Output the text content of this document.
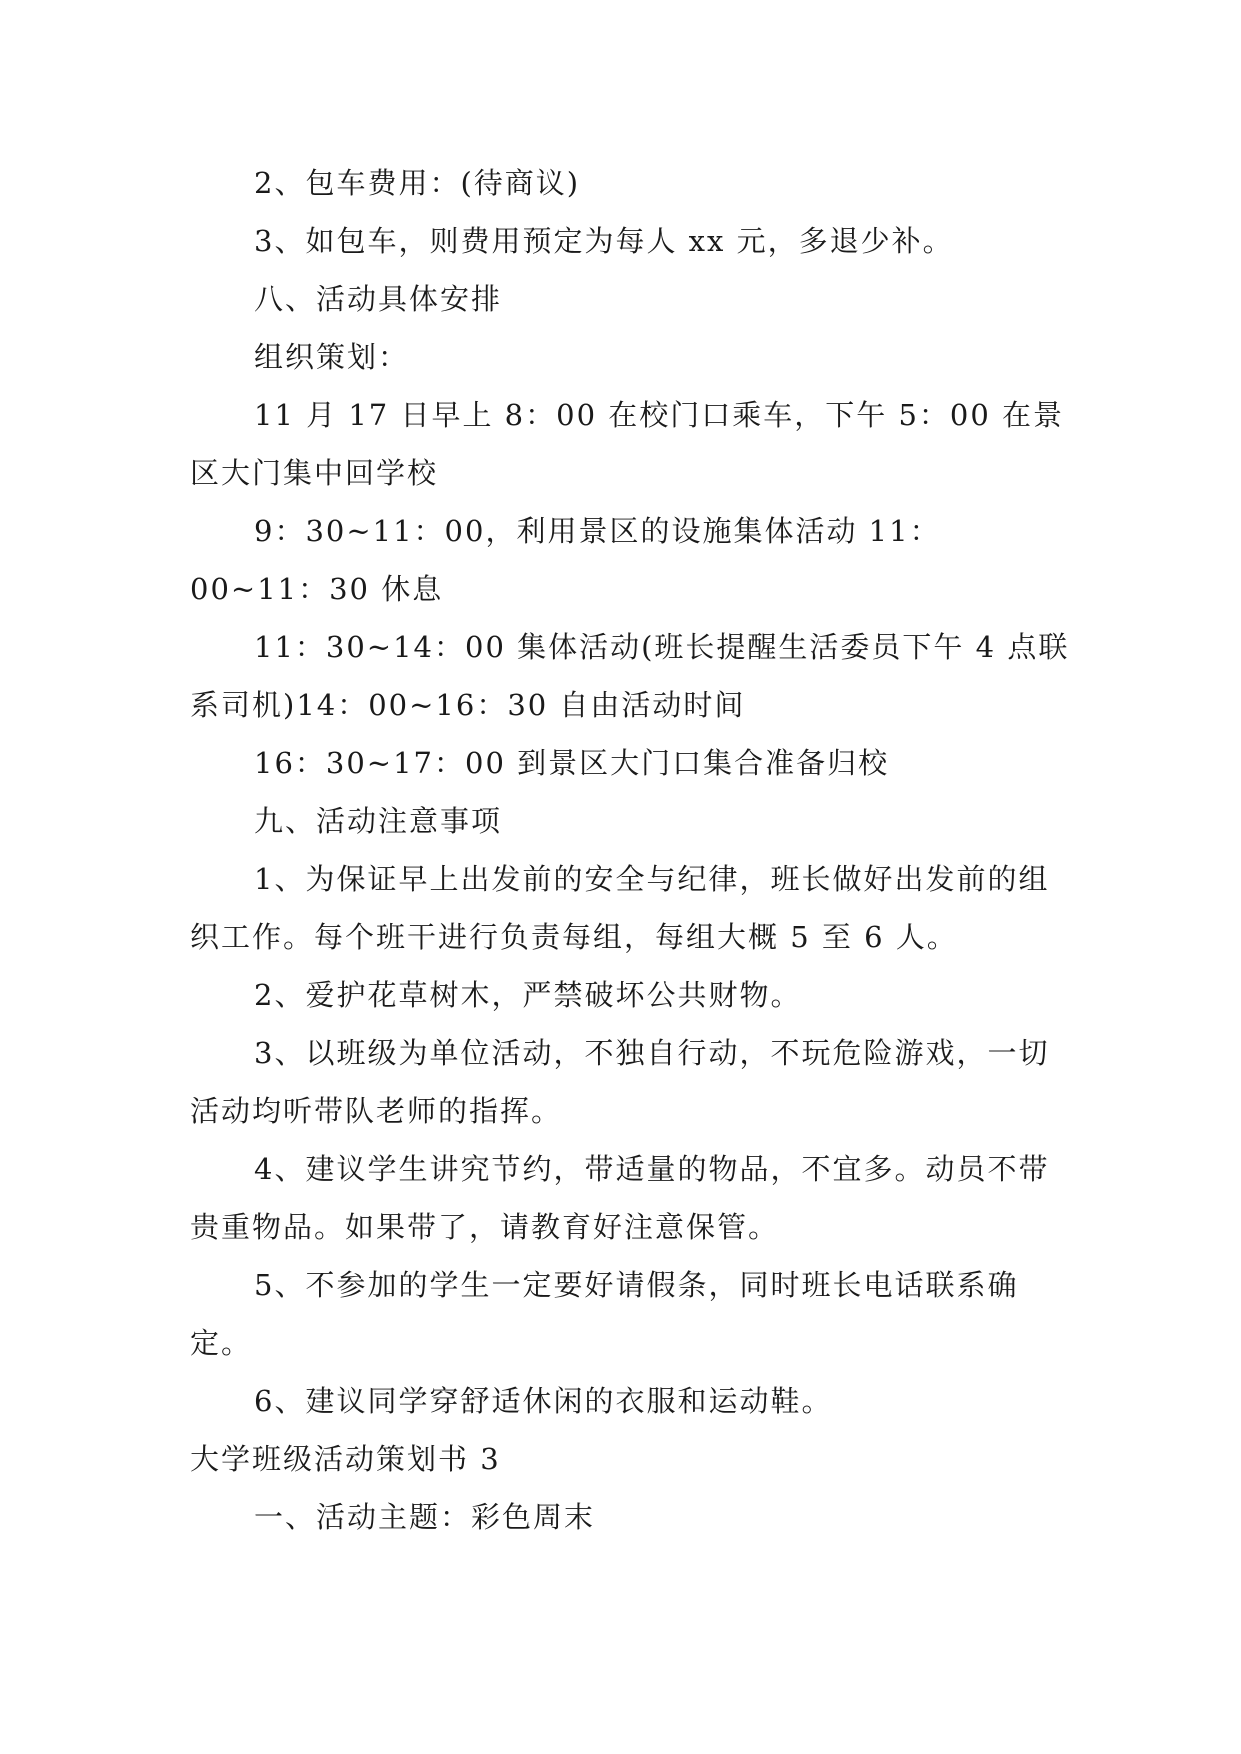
2、包车费用：(待商议)

3、如包车，则费用预定为每人 xx 元，多退少补。

八、活动具体安排

组织策划：

11 月 17 日早上 8：00 在校门口乘车，下午 5：00 在景区大门集中回学校

9：30~11：00，利用景区的设施集体活动 11：00~11：30 休息

11：30~14：00 集体活动(班长提醒生活委员下午 4 点联系司机)14：00~16：30 自由活动时间

16：30~17：00 到景区大门口集合准备归校

九、活动注意事项

1、为保证早上出发前的安全与纪律，班长做好出发前的组织工作。每个班干进行负责每组，每组大概 5 至 6 人。

2、爱护花草树木，严禁破坏公共财物。

3、以班级为单位活动，不独自行动，不玩危险游戏，一切活动均听带队老师的指挥。

4、建议学生讲究节约，带适量的物品，不宜多。动员不带贵重物品。如果带了，请教育好注意保管。

5、不参加的学生一定要好请假条，同时班长电话联系确定。

6、建议同学穿舒适休闲的衣服和运动鞋。

大学班级活动策划书 3

一、活动主题：彩色周末
